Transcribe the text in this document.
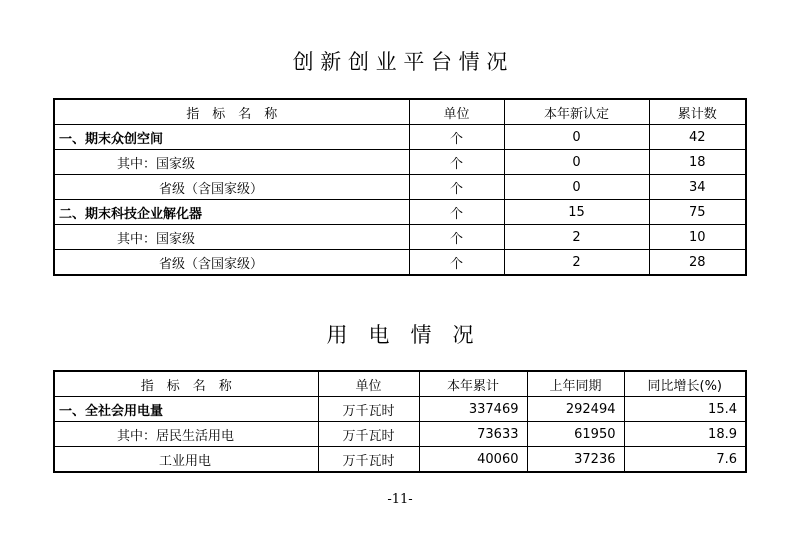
创 新 创 业 平 台 情 况
指　标　名　称	单位	本年新认定	累计数
一、期末众创空间	个	0	42
其中：国家级	个	0	18
省级（含国家级）	个	0	34
二、期末科技企业解化器	个	15	75
其中：国家级	个	2	10
省级（含国家级）	个	2	28
用　电　情　况
指　标　名　称	单位	本年累计	上年同期	同比增长(%)
一、全社会用电量	万千瓦时	337469	292494	15.4
其中：居民生活用电	万千瓦时	73633	61950	18.9
工业用电	万千瓦时	40060	37236	7.6
-11-
